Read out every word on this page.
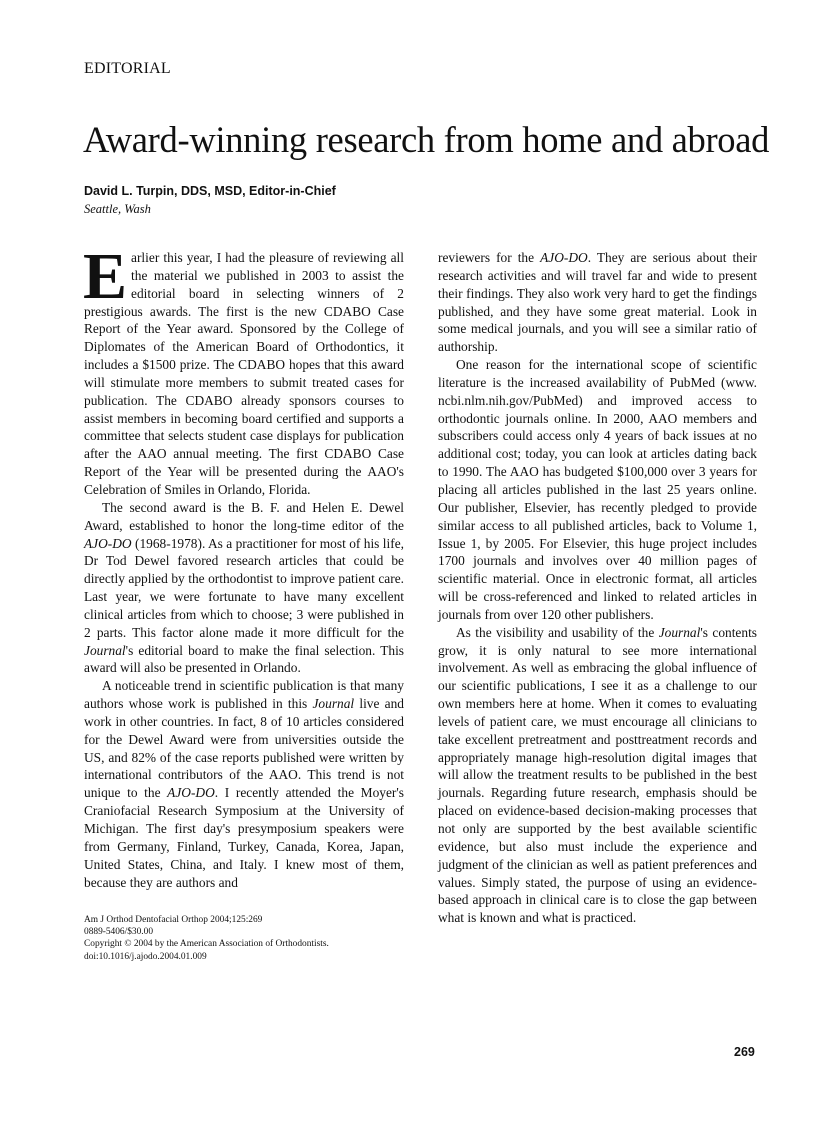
EDITORIAL
Award-winning research from home and abroad
David L. Turpin, DDS, MSD, Editor-in-Chief
Seattle, Wash

Earlier this year, I had the pleasure of reviewing all the material we published in 2003 to assist the editorial board in selecting winners of 2 prestigious awards. The first is the new CDABO Case Report of the Year award. Sponsored by the College of Diplomates of the American Board of Orthodontics, it includes a $1500 prize. The CDABO hopes that this award will stimulate more members to submit treated cases for publication. The CDABO already sponsors courses to assist members in becoming board certified and supports a committee that selects student case displays for publication after the AAO annual meeting. The first CDABO Case Report of the Year will be presented during the AAO's Celebration of Smiles in Orlando, Florida.

The second award is the B. F. and Helen E. Dewel Award, established to honor the long-time editor of the AJO-DO (1968-1978). As a practitioner for most of his life, Dr Tod Dewel favored research articles that could be directly applied by the orthodontist to improve patient care. Last year, we were fortunate to have many excellent clinical articles from which to choose; 3 were published in 2 parts. This factor alone made it more difficult for the Journal's editorial board to make the final selection. This award will also be presented in Orlando.

A noticeable trend in scientific publication is that many authors whose work is published in this Journal live and work in other countries. In fact, 8 of 10 articles considered for the Dewel Award were from universities outside the US, and 82% of the case reports published were written by international contributors of the AAO. This trend is not unique to the AJO-DO. I recently attended the Moyer's Craniofacial Research Symposium at the University of Michigan. The first day's presymposium speakers were from Germany, Finland, Turkey, Canada, Korea, Japan, United States, China, and Italy. I knew most of them, because they are authors and

reviewers for the AJO-DO. They are serious about their research activities and will travel far and wide to present their findings. They also work very hard to get the findings published, and they have some great material. Look in some medical journals, and you will see a similar ratio of authorship.

One reason for the international scope of scientific literature is the increased availability of PubMed (www.​ncbi.nlm.nih.gov/PubMed) and improved access to orthodontic journals online. In 2000, AAO members and subscribers could access only 4 years of back issues at no additional cost; today, you can look at articles dating back to 1990. The AAO has budgeted $100,000 over 3 years for placing all articles published in the last 25 years online. Our publisher, Elsevier, has recently pledged to provide similar access to all published articles, back to Volume 1, Issue 1, by 2005. For Elsevier, this huge project includes 1700 journals and involves over 40 million pages of scientific material. Once in electronic format, all articles will be cross-referenced and linked to related articles in journals from over 120 other publishers.

As the visibility and usability of the Journal's contents grow, it is only natural to see more international involvement. As well as embracing the global influence of our scientific publications, I see it as a challenge to our own members here at home. When it comes to evaluating levels of patient care, we must encourage all clinicians to take excellent pretreatment and posttreatment records and appropriately manage high-resolution digital images that will allow the treatment results to be published in the best journals. Regarding future research, emphasis should be placed on evidence-based decision-making processes that not only are supported by the best available scientific evidence, but also must include the experience and judgment of the clinician as well as patient preferences and values. Simply stated, the purpose of using an evidence-based approach in clinical care is to close the gap between what is known and what is practiced.

Am J Orthod Dentofacial Orthop 2004;125:269
0889-5406/$30.00
Copyright © 2004 by the American Association of Orthodontists.
doi:10.1016/j.ajodo.2004.01.009
269
